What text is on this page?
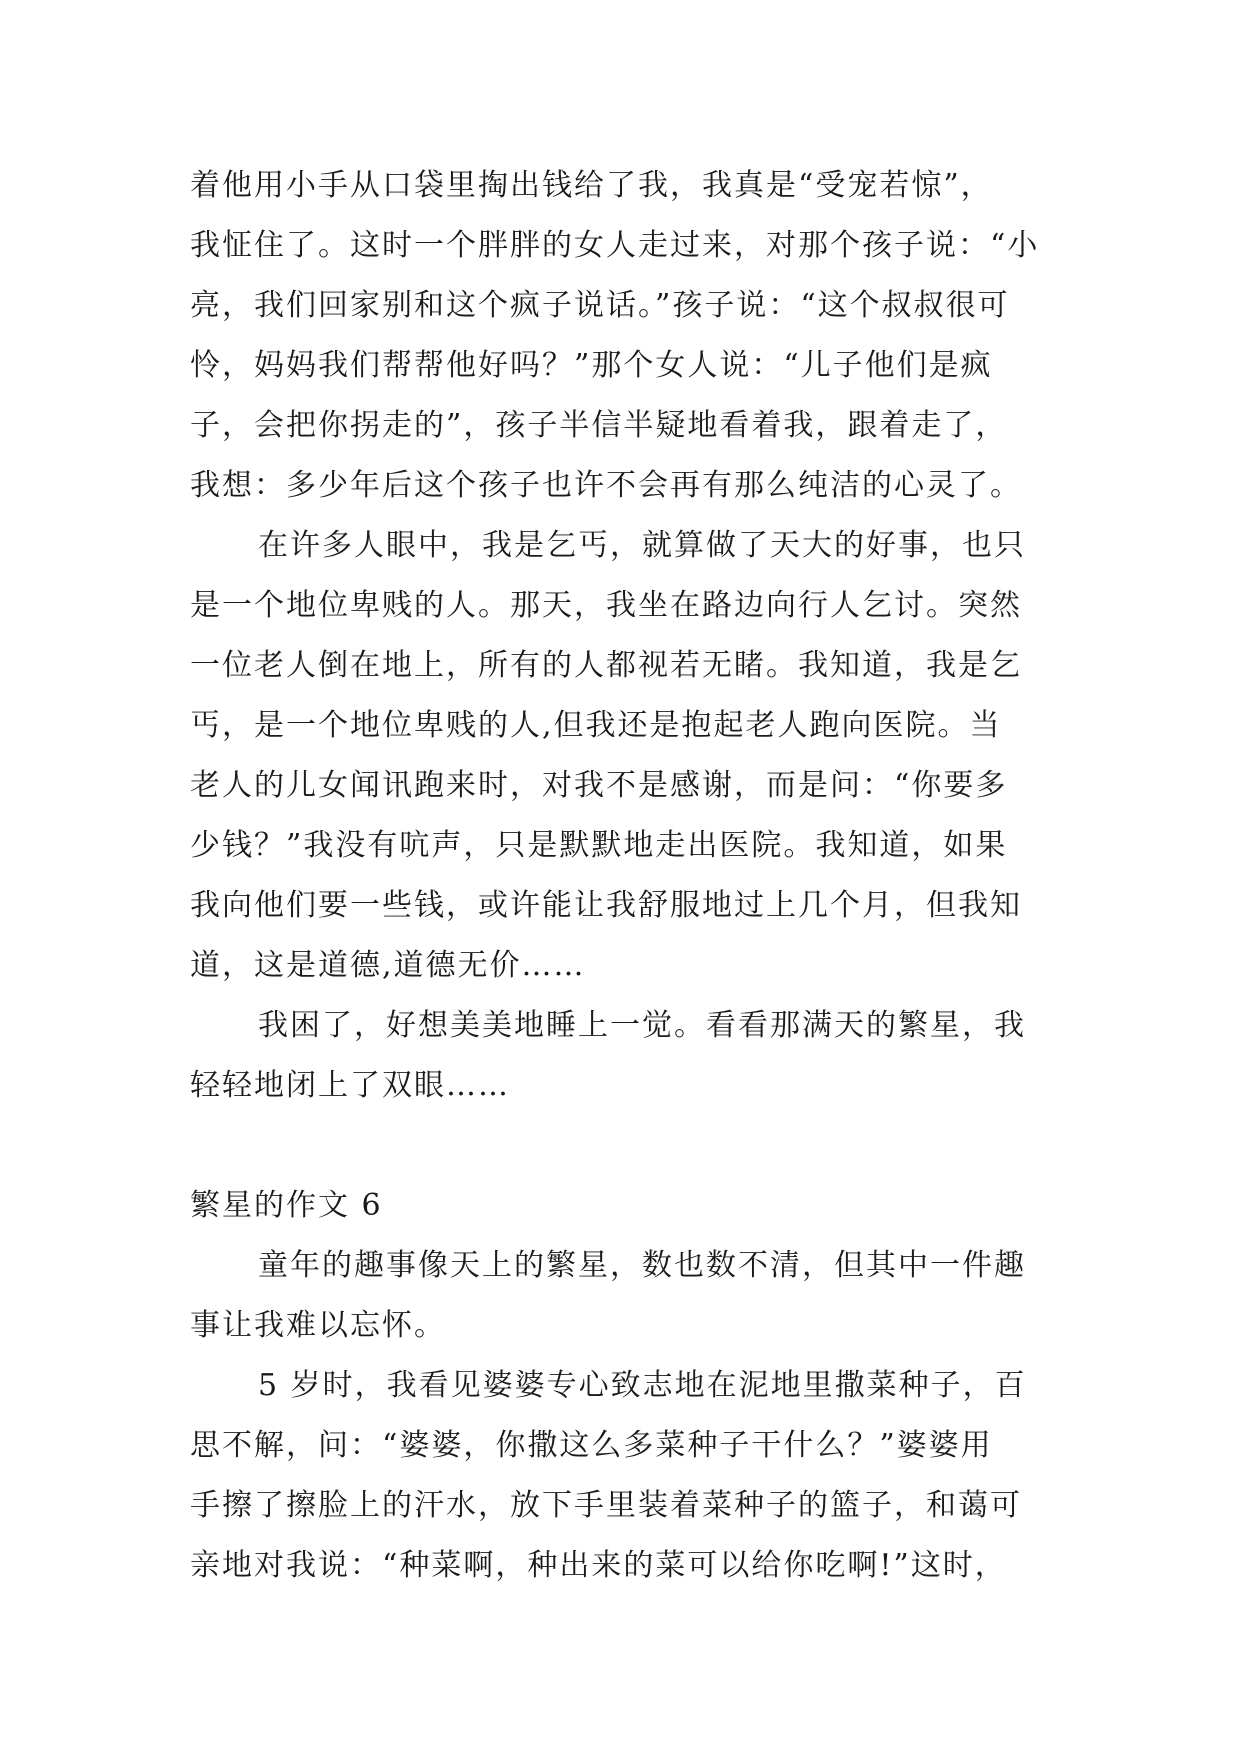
着他用小手从口袋里掏出钱给了我，我真是“受宠若惊”，

我怔住了。这时一个胖胖的女人走过来，对那个孩子说：“小

亮，我们回家别和这个疯子说话。”孩子说：“这个叔叔很可

怜，妈妈我们帮帮他好吗？”那个女人说：“儿子他们是疯

子，会把你拐走的”，孩子半信半疑地看着我，跟着走了，

我想：多少年后这个孩子也许不会再有那么纯洁的心灵了。

在许多人眼中，我是乞丐，就算做了天大的好事，也只

是一个地位卑贱的人。那天，我坐在路边向行人乞讨。突然

一位老人倒在地上，所有的人都视若无睹。我知道，我是乞

丐，是一个地位卑贱的人,但我还是抱起老人跑向医院。当

老人的儿女闻讯跑来时，对我不是感谢，而是问：“你要多

少钱？”我没有吭声，只是默默地走出医院。我知道，如果

我向他们要一些钱，或许能让我舒服地过上几个月，但我知

道，这是道德,道德无价……

我困了，好想美美地睡上一觉。看看那满天的繁星，我

轻轻地闭上了双眼……

繁星的作文 6

童年的趣事像天上的繁星，数也数不清，但其中一件趣

事让我难以忘怀。

5 岁时，我看见婆婆专心致志地在泥地里撒菜种子，百

思不解，问：“婆婆，你撒这么多菜种子干什么？”婆婆用

手擦了擦脸上的汗水，放下手里装着菜种子的篮子，和蔼可

亲地对我说：“种菜啊，种出来的菜可以给你吃啊!”这时，
